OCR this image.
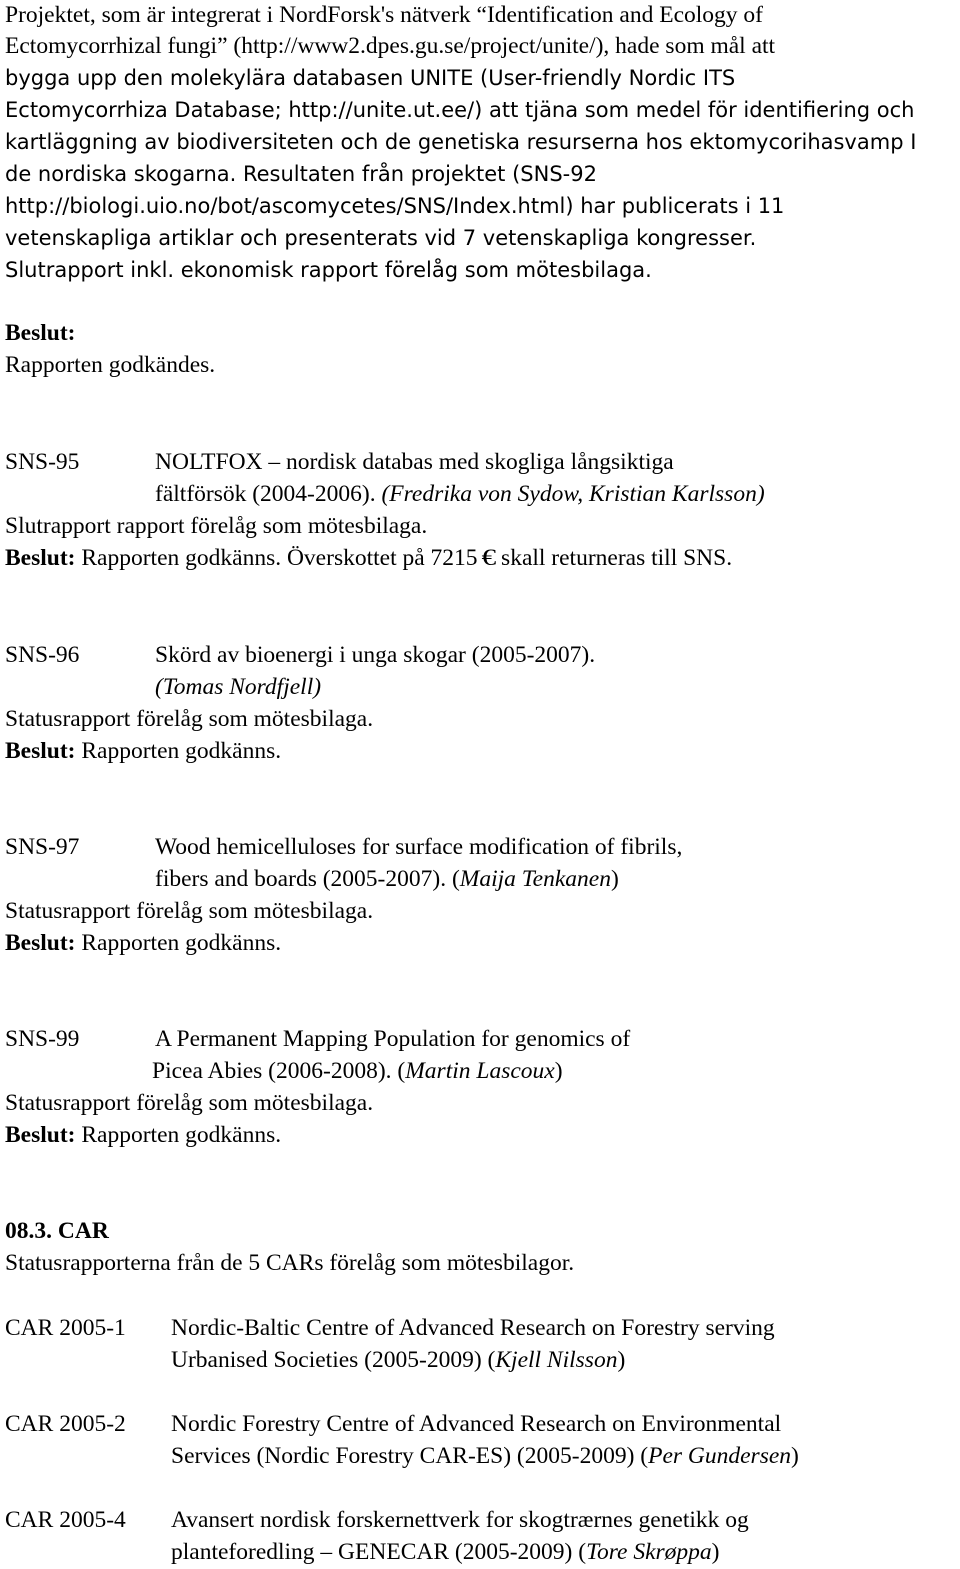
Projektet, som är integrerat i NordForsk's nätverk “Identification and Ecology of
Ectomycorrhizal fungi” (http://www2.dpes.gu.se/project/unite/), hade som mål att
bygga upp den molekylära databasen UNITE (User-friendly Nordic ITS
Ectomycorrhiza Database; http://unite.ut.ee/) att tjäna som medel för identifiering och
kartläggning av biodiversiteten och de genetiska resurserna hos ektomycorihasvamp I
de nordiska skogarna. Resultaten från projektet (SNS-92
http://biologi.uio.no/bot/ascomycetes/SNS/Index.html) har publicerats i 11
vetenskapliga artiklar och presenterats vid 7 vetenskapliga kongresser.
Slutrapport inkl. ekonomisk rapport förelåg som mötesbilaga.
Beslut:
Rapporten godkändes.
SNS-95	NOLTFOX – nordisk databas med skogliga långsiktiga
fältförsök (2004-2006). (Fredrika von Sydow, Kristian Karlsson)
Slutrapport rapport förelåg som mötesbilaga.
Beslut: Rapporten godkänns. Överskottet på 7215 € skall returneras till SNS.
SNS-96	Skörd av bioenergi i unga skogar (2005-2007).
(Tomas Nordfjell)
Statusrapport förelåg som mötesbilaga.
Beslut: Rapporten godkänns.
SNS-97	Wood hemicelluloses for surface modification of fibrils,
fibers and boards (2005-2007). (Maija Tenkanen)
Statusrapport förelåg som mötesbilaga.
Beslut: Rapporten godkänns.
SNS-99	A Permanent Mapping Population for genomics of
Picea Abies (2006-2008). (Martin Lascoux)
Statusrapport förelåg som mötesbilaga.
Beslut: Rapporten godkänns.
08.3. CAR
Statusrapporterna från de 5 CARs förelåg som mötesbilagor.
CAR 2005-1 Nordic-Baltic Centre of Advanced Research on Forestry serving
Urbanised Societies (2005-2009) (Kjell Nilsson)
CAR 2005-2 Nordic Forestry Centre of Advanced Research on Environmental
Services (Nordic Forestry CAR-ES) (2005-2009) (Per Gundersen)
CAR 2005-4 Avansert nordisk forskernettverk for skogtrærnes genetikk og
planteforedling – GENECAR (2005-2009) (Tore Skrøppa)
